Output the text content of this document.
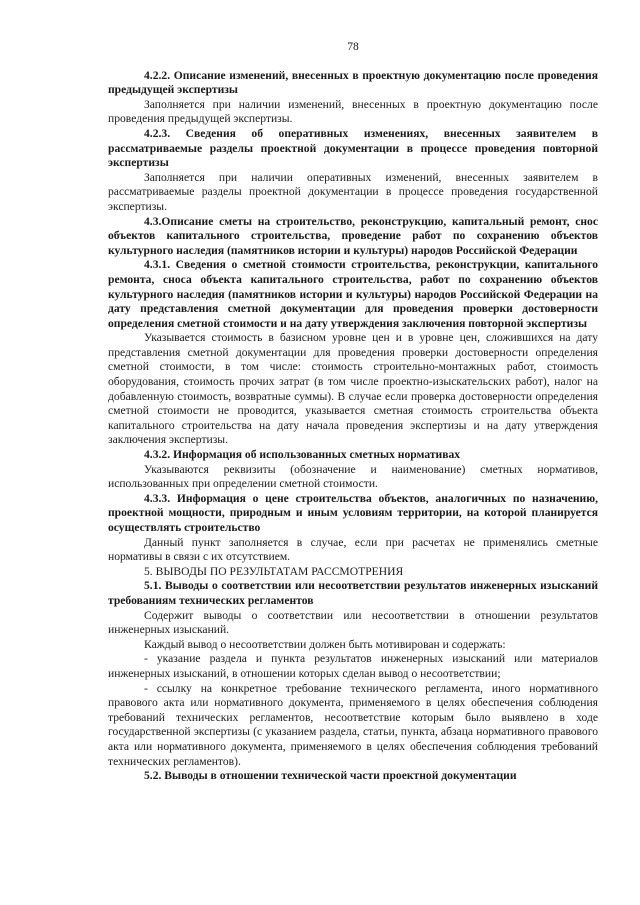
78

4.2.2. Описание изменений, внесенных в проектную документацию после проведения предыдущей экспертизы

Заполняется при наличии изменений, внесенных в проектную документацию после проведения предыдущей экспертизы.

4.2.3. Сведения об оперативных изменениях, внесенных заявителем в рассматриваемые разделы проектной документации в процессе проведения повторной экспертизы

Заполняется при наличии оперативных изменений, внесенных заявителем в рассматриваемые разделы проектной документации в процессе проведения государственной экспертизы.

4.3.Описание сметы на строительство, реконструкцию, капитальный ремонт, снос объектов капитального строительства, проведение работ по сохранению объектов культурного наследия (памятников истории и культуры) народов Российской Федерации

4.3.1. Сведения о сметной стоимости строительства, реконструкции, капитального ремонта, сноса объекта капитального строительства, работ по сохранению объектов культурного наследия (памятников истории и культуры) народов Российской Федерации на дату представления сметной документации для проведения проверки достоверности определения сметной стоимости и на дату утверждения заключения повторной экспертизы

Указывается стоимость в базисном уровне цен и в уровне цен, сложившихся на дату представления сметной документации для проведения проверки достоверности определения сметной стоимости, в том числе: стоимость строительно-монтажных работ, стоимость оборудования, стоимость прочих затрат (в том числе проектно-изыскательских работ), налог на добавленную стоимость, возвратные суммы). В случае если проверка достоверности определения сметной стоимости не проводится, указывается сметная стоимость строительства объекта капитального строительства на дату начала проведения экспертизы и на дату утверждения заключения экспертизы.

4.3.2. Информация об использованных сметных нормативах

Указываются реквизиты (обозначение и наименование) сметных нормативов, использованных при определении сметной стоимости.

4.3.3. Информация о цене строительства объектов, аналогичных по назначению, проектной мощности, природным и иным условиям территории, на которой планируется осуществлять строительство

Данный пункт заполняется в случае, если при расчетах не применялись сметные нормативы в связи с их отсутствием.

5. ВЫВОДЫ ПО РЕЗУЛЬТАТАМ РАССМОТРЕНИЯ

5.1. Выводы о соответствии или несоответствии результатов инженерных изысканий требованиям технических регламентов

Содержит выводы о соответствии или несоответствии в отношении результатов инженерных изысканий.

Каждый вывод о несоответствии должен быть мотивирован и содержать:

- указание раздела и пункта результатов инженерных изысканий или материалов инженерных изысканий, в отношении которых сделан вывод о несоответствии;

- ссылку на конкретное требование технического регламента, иного нормативного правового акта или нормативного документа, применяемого в целях обеспечения соблюдения требований технических регламентов, несоответствие которым было выявлено в ходе государственной экспертизы (с указанием раздела, статьи, пункта, абзаца нормативного правового акта или нормативного документа, применяемого в целях обеспечения соблюдения требований технических регламентов).

5.2. Выводы в отношении технической части проектной документации
